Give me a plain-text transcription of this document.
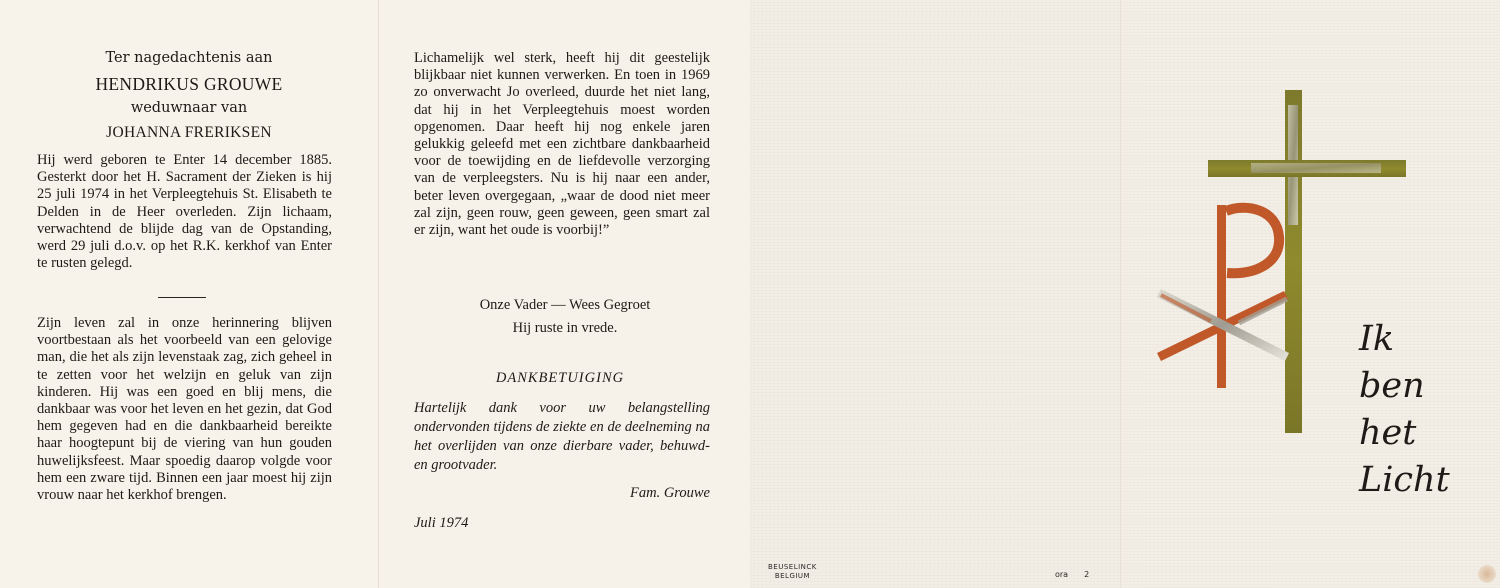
Ter nagedachtenis aan
HENDRIKUS GROUWE
weduwnaar van
JOHANNA FRERIKSEN
Hij werd geboren te Enter 14 december 1885. Gesterkt door het H. Sacrament der Zieken is hij 25 juli 1974 in het Verpleegtehuis St. Elisabeth te Delden in de Heer overleden. Zijn lichaam, verwachtend de blijde dag van de Opstanding, werd 29 juli d.o.v. op het R.K. kerkhof van Enter te rusten gelegd.
Zijn leven zal in onze herinnering blijven voortbestaan als het voorbeeld van een gelovige man, die het als zijn levenstaak zag, zich geheel in te zetten voor het welzijn en geluk van zijn kinderen. Hij was een goed en blij mens, die dankbaar was voor het leven en het gezin, dat God hem gegeven had en die dankbaarheid bereikte haar hoogtepunt bij de viering van hun gouden huwelijksfeest. Maar spoedig daarop volgde voor hem een zware tijd. Binnen een jaar moest hij zijn vrouw naar het kerkhof brengen.
Lichamelijk wel sterk, heeft hij dit geestelijk blijkbaar niet kunnen verwerken. En toen in 1969 zo onverwacht Jo overleed, duurde het niet lang, dat hij in het Verpleegtehuis moest worden opgenomen. Daar heeft hij nog enkele jaren gelukkig geleefd met een zichtbare dankbaarheid voor de toewijding en de liefdevolle verzorging van de verpleegsters. Nu is hij naar een ander, beter leven overgegaan, „waar de dood niet meer zal zijn, geen rouw, geen geween, geen smart zal er zijn, want het oude is voorbij!”
Onze Vader — Wees Gegroet
Hij ruste in vrede.
DANKBETUIGING
Hartelijk dank voor uw belangstelling ondervonden tijdens de ziekte en de deelneming na het overlijden van onze dierbare vader, behuwd- en grootvader.
Fam. Grouwe
Juli 1974
BEUSELINCK
BELGIUM	ora 2
Ik
ben
het
Licht
